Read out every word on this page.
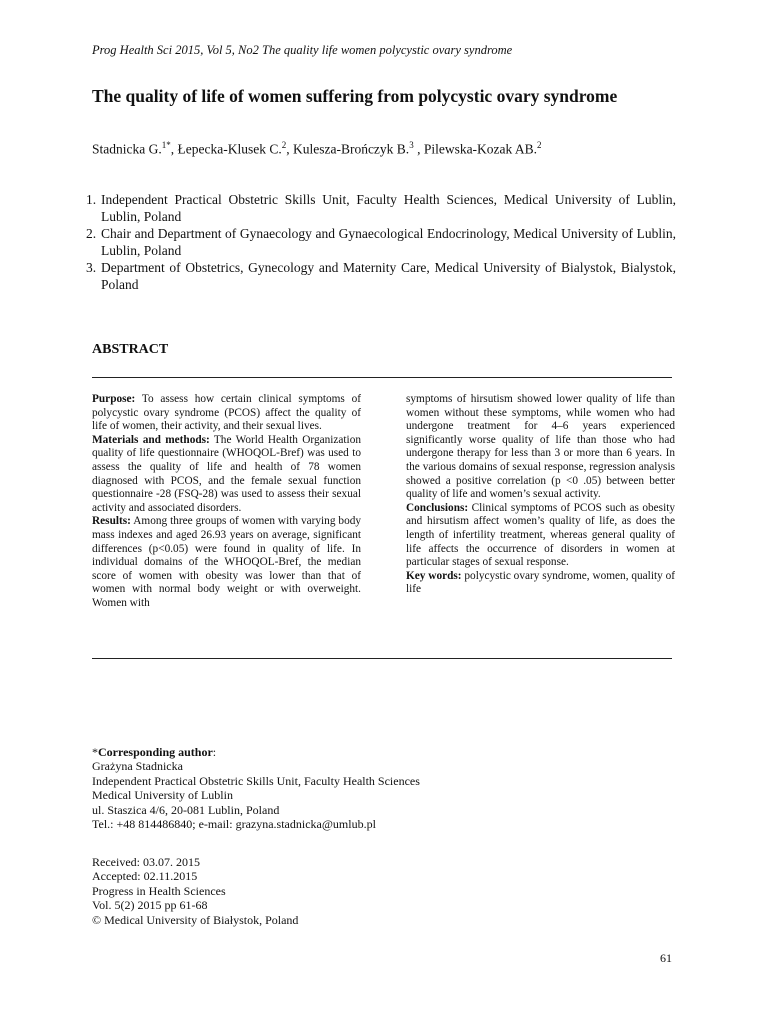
Prog Health Sci 2015, Vol 5, No2 The quality life women polycystic ovary syndrome
The quality of life of women suffering from polycystic ovary syndrome
Stadnicka G.$^{1*}$, Łepecka-Klusek C.$^2$, Kulesza-Brończyk B.$^3$ , Pilewska-Kozak AB.$^2$
1. Independent Practical Obstetric Skills Unit, Faculty Health Sciences, Medical University of Lublin, Lublin, Poland
2. Chair and Department of Gynaecology and Gynaecological Endocrinology, Medical University of Lublin, Lublin, Poland
3. Department of Obstetrics, Gynecology and Maternity Care, Medical University of Bialystok, Bialystok, Poland
ABSTRACT

Purpose: To assess how certain clinical symptoms of polycystic ovary syndrome (PCOS) affect the quality of life of women, their activity, and their sexual lives.

Materials and methods: The World Health Organization quality of life questionnaire (WHOQOL-Bref) was used to assess the quality of life and health of 78 women diagnosed with PCOS, and the female sexual function questionnaire -28 (FSQ-28) was used to assess their sexual activity and associated disorders.

Results: Among three groups of women with varying body mass indexes and aged 26.93 years on average, significant differences (p<0.05) were found in quality of life. In individual domains of the WHOQOL-Bref, the median score of women with obesity was lower than that of women with normal body weight or with overweight. Women with

symptoms of hirsutism showed lower quality of life than women without these symptoms, while women who had undergone treatment for 4–6 years experienced significantly worse quality of life than those who had undergone therapy for less than 3 or more than 6 years. In the various domains of sexual response, regression analysis showed a positive correlation (p <0 .05) between better quality of life and women’s sexual activity.

Conclusions: Clinical symptoms of PCOS such as obesity and hirsutism affect women’s quality of life, as does the length of infertility treatment, whereas general quality of life affects the occurrence of disorders in women at particular stages of sexual response.

Key words: polycystic ovary syndrome, women, quality of life

*Corresponding author:
Grażyna Stadnicka
Independent Practical Obstetric Skills Unit, Faculty Health Sciences
Medical University of Lublin
ul. Staszica 4/6, 20-081 Lublin, Poland
Tel.: +48 814486840; e-mail: grazyna.stadnicka@umlub.pl
Received: 03.07. 2015
Accepted: 02.11.2015
Progress in Health Sciences
Vol. 5(2) 2015 pp 61-68
© Medical University of Białystok, Poland
61
